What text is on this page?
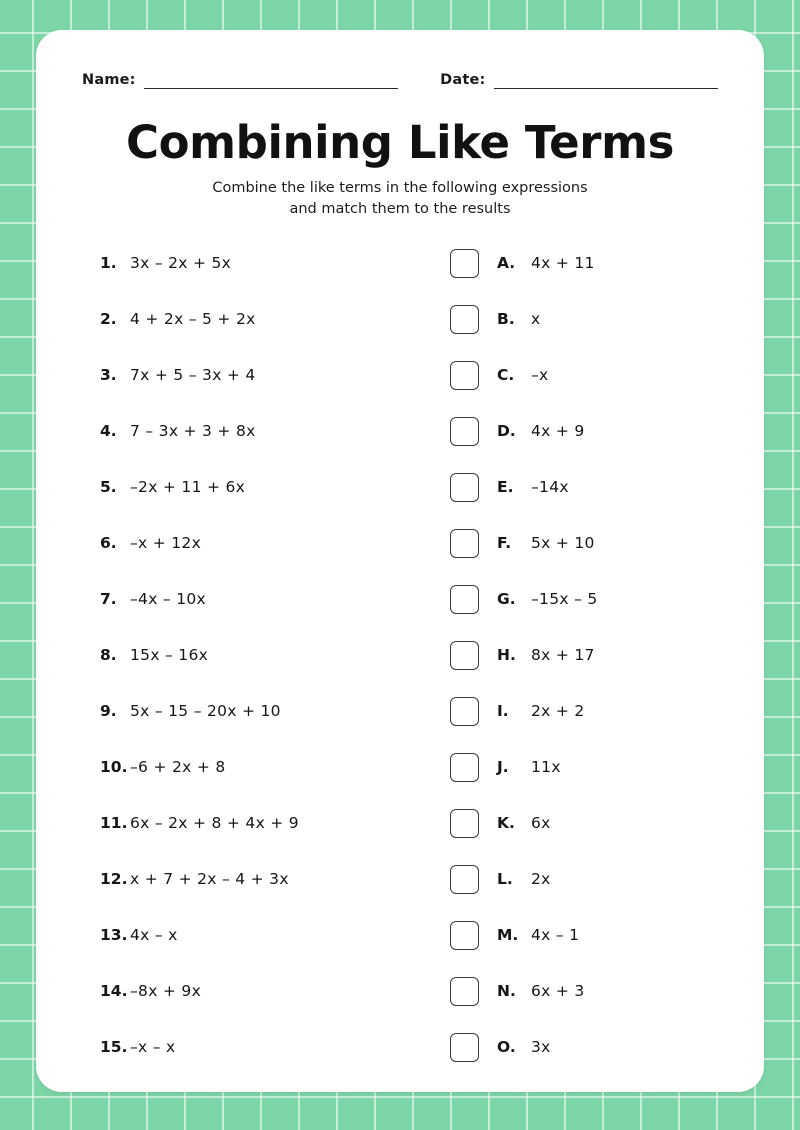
Name:	Date:
Combining Like Terms
Combine the like terms in the following expressions
and match them to the results
1. 3x – 2x + 5x
2. 4 + 2x – 5 + 2x
3. 7x + 5 – 3x + 4
4. 7 – 3x + 3 + 8x
5. –2x + 11 + 6x
6. –x + 12x
7. –4x – 10x
8. 15x – 16x
9. 5x – 15 – 20x + 10
10. –6 + 2x + 8
11. 6x – 2x + 8 + 4x + 9
12. x + 7 + 2x – 4 + 3x
13. 4x – x
14. –8x + 9x
15. –x – x
A.	4x + 11
B.	x
C.	–x
D. 4x + 9
E.	–14x
F.	5x + 10
G. –15x – 5
H. 8x + 17
I.	2x + 2
J.	11x
K.	6x
L.	2x
M. 4x – 1
N. 6x + 3
O. 3x
